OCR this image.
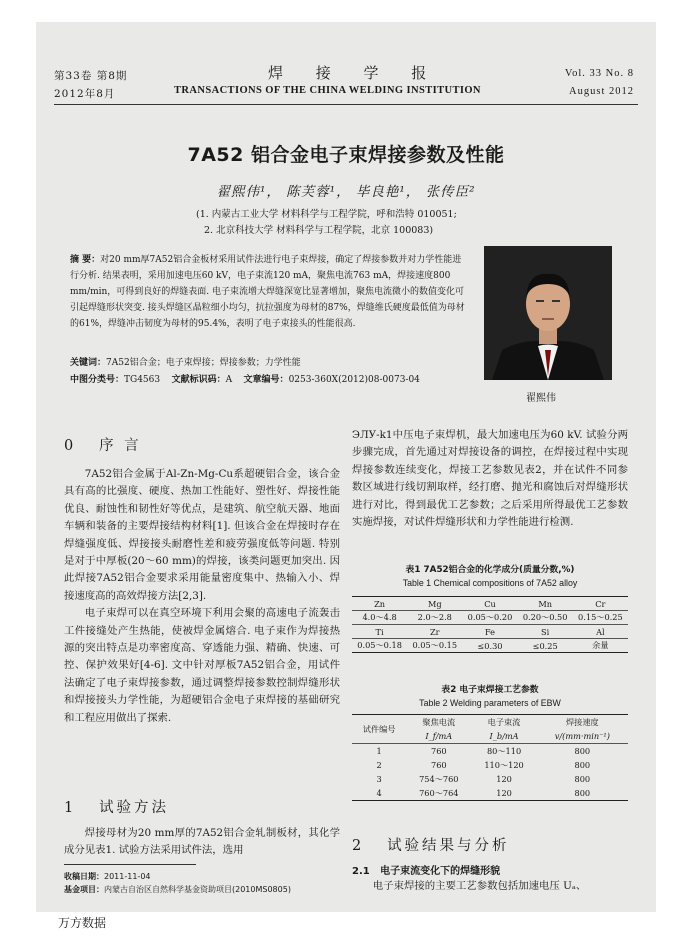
第33卷 第8期
2012年8月
焊 接 学 报
TRANSACTIONS OF THE CHINA WELDING INSTITUTION
Vol. 33 No. 8
August 2012
7A52 铝合金电子束焊接参数及性能
翟熙伟¹， 陈芙蓉¹， 毕良艳¹， 张传臣²
(1. 内蒙古工业大学 材料科学与工程学院，呼和浩特 010051;
2. 北京科技大学 材料科学与工程学院，北京 100083)
摘 要：对20 mm厚7A52铝合金板材采用试件法进行电子束焊接，确定了焊接参数并对力学性能进行分析. 结果表明，采用加速电压60 kV，电子束流120 mA，聚焦电流763 mA，焊接速度800 mm/min，可得到良好的焊缝表面. 电子束流增大焊缝深宽比显著增加，聚焦电流微小的数值变化可引起焊缝形状突变. 接头焊缝区晶粒细小均匀，抗拉强度为母材的87%，焊缝维氏硬度最低值为母材的61%，焊缝冲击韧度为母材的95.4%，表明了电子束接头的性能很高.
关键词：7A52铝合金；电子束焊接；焊接参数；力学性能
中图分类号：TG4563 文献标识码：A 文章编号：0253-360X(2012)08-0073-04
翟熙伟
0 序 言

7A52铝合金属于Al-Zn-Mg-Cu系超硬铝合金，该合金具有高的比强度、硬度、热加工性能好、塑性好、焊接性能优良、耐蚀性和韧性好等优点，是建筑、航空航天器、地面车辆和装备的主要焊接结构材料[1]. 但该合金在焊接时存在焊缝强度低、焊接接头耐磨性差和疲劳强度低等问题. 特别是对于中厚板(20～60 mm)的焊接，该类问题更加突出. 因此焊接7A52铝合金要求采用能量密度集中、热输入小、焊接速度高的高效焊接方法[2,3].

电子束焊可以在真空环境下利用会聚的高速电子流轰击工件接缝处产生热能，使被焊金属熔合. 电子束作为焊接热源的突出特点是功率密度高、穿透能力强、精确、快速、可控、保护效果好[4-6]. 文中针对厚板7A52铝合金，用试件法确定了电子束焊接参数，通过调整焊接参数控制焊缝形状和焊接接头力学性能，为超硬铝合金电子束焊接的基础研究和工程应用做出了探索.

1 试验方法

焊接母材为20 mm厚的7A52铝合金轧制板材，其化学成分见表1. 试验方法采用试件法，选用

收稿日期：2011-11-04
基金项目：内蒙古自治区自然科学基金资助项目(2010MS0805)

ЭЛУ-k1中压电子束焊机，最大加速电压为60 kV. 试验分两步骤完成，首先通过对焊接设备的调控，在焊接过程中实现焊接参数连续变化，焊接工艺参数见表2，并在试件不同参数区域进行线切割取样，经打磨、抛光和腐蚀后对焊缝形状进行对比，得到最优工艺参数；之后采用所得最优工艺参数实施焊接，对试件焊缝形状和力学性能进行检测.

表1 7A52铝合金的化学成分(质量分数,%)
Table 1 Chemical compositions of 7A52 alloy
Zn	Mg	Cu	Mn	Cr
4.0～4.8	2.0～2.8	0.05～0.20	0.20～0.50	0.15～0.25
Ti	Zr	Fe	Si	Al
0.05～0.18	0.05～0.15	≤0.30	≤0.25	余量
表2 电子束焊接工艺参数
Table 2 Welding parameters of EBW
试件编号	聚焦电流	电子束流	焊接速度
	I_f/mA	I_b/mA	v/(mm·min⁻¹)
1	760	80～110	800
2	760	110～120	800
3	754～760	120	800
4	760～764	120	800
2 试验结果与分析
2.1 电子束流变化下的焊缝形貌

电子束焊接的主要工艺参数包括加速电压 Uₐ、

万方数据
